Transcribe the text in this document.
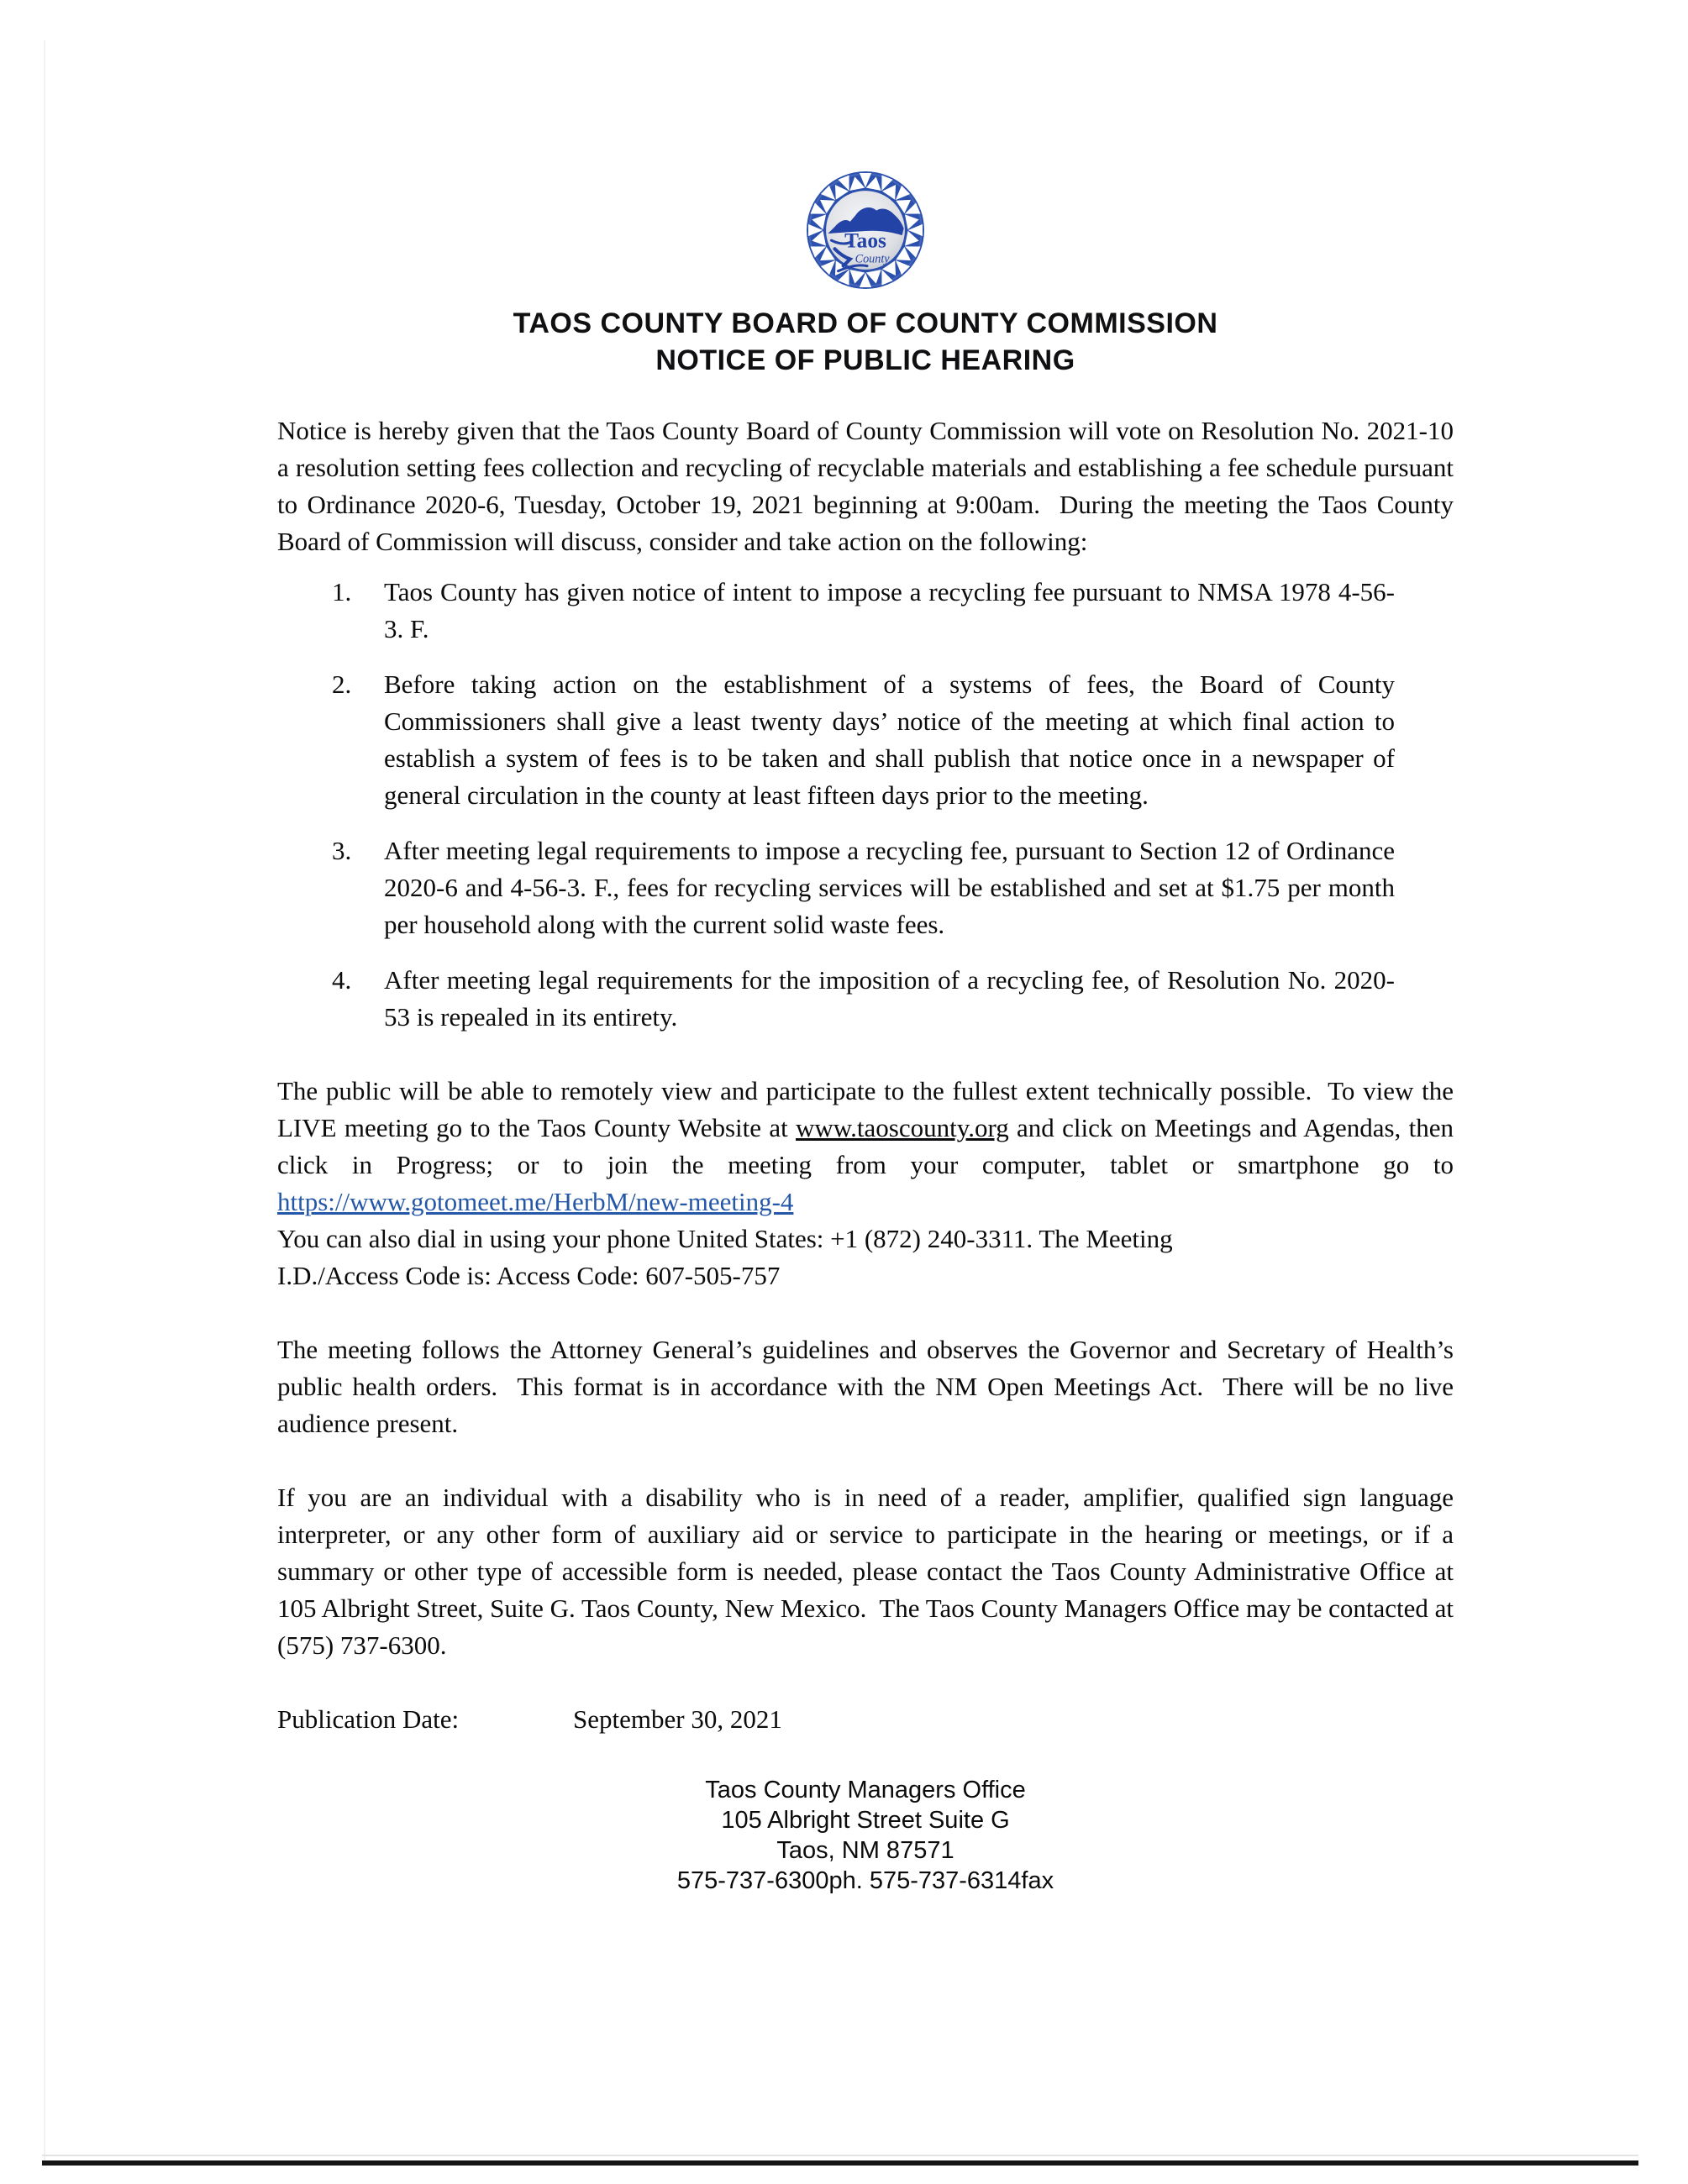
Taos
County
TAOS COUNTY BOARD OF COUNTY COMMISSION
NOTICE OF PUBLIC HEARING

Notice is hereby given that the Taos County Board of County Commission will vote on Resolution No. 2021-10 a resolution setting fees collection and recycling of recyclable materials and establishing a fee schedule pursuant to Ordinance 2020-6, Tuesday, October 19, 2021 beginning at 9:00am.  During the meeting the Taos County Board of Commission will discuss, consider and take action on the following:

1.	Taos County has given notice of intent to impose a recycling fee pursuant to NMSA 1978 4-56-3. F.
2.	Before taking action on the establishment of a systems of fees, the Board of County Commissioners shall give a least twenty days’ notice of the meeting at which final action to establish a system of fees is to be taken and shall publish that notice once in a newspaper of general circulation in the county at least fifteen days prior to the meeting.
3.	After meeting legal requirements to impose a recycling fee, pursuant to Section 12 of Ordinance 2020-6 and 4-56-3. F., fees for recycling services will be established and set at $1.75 per month per household along with the current solid waste fees.
4.	After meeting legal requirements for the imposition of a recycling fee, of Resolution No. 2020-53 is repealed in its entirety.

The public will be able to remotely view and participate to the fullest extent technically possible.  To view the LIVE meeting go to the Taos County Website at www.taoscounty.org and click on Meetings and Agendas, then click in Progress; or to join the meeting from your computer, tablet or smartphone go to https://www.gotomeet.me/HerbM/new-meeting-4
You can also dial in using your phone United States: +1 (872) 240-3311. The Meeting
I.D./Access Code is: Access Code: 607-505-757

The meeting follows the Attorney General’s guidelines and observes the Governor and Secretary of Health’s public health orders.  This format is in accordance with the NM Open Meetings Act.  There will be no live audience present.

If you are an individual with a disability who is in need of a reader, amplifier, qualified sign language interpreter, or any other form of auxiliary aid or service to participate in the hearing or meetings, or if a summary or other type of accessible form is needed, please contact the Taos County Administrative Office at 105 Albright Street, Suite G. Taos County, New Mexico.  The Taos County Managers Office may be contacted at (575) 737-6300.

Publication Date:	September 30, 2021

Taos County Managers Office
105 Albright Street Suite G
Taos, NM 87571
575-737-6300ph. 575-737-6314fax
